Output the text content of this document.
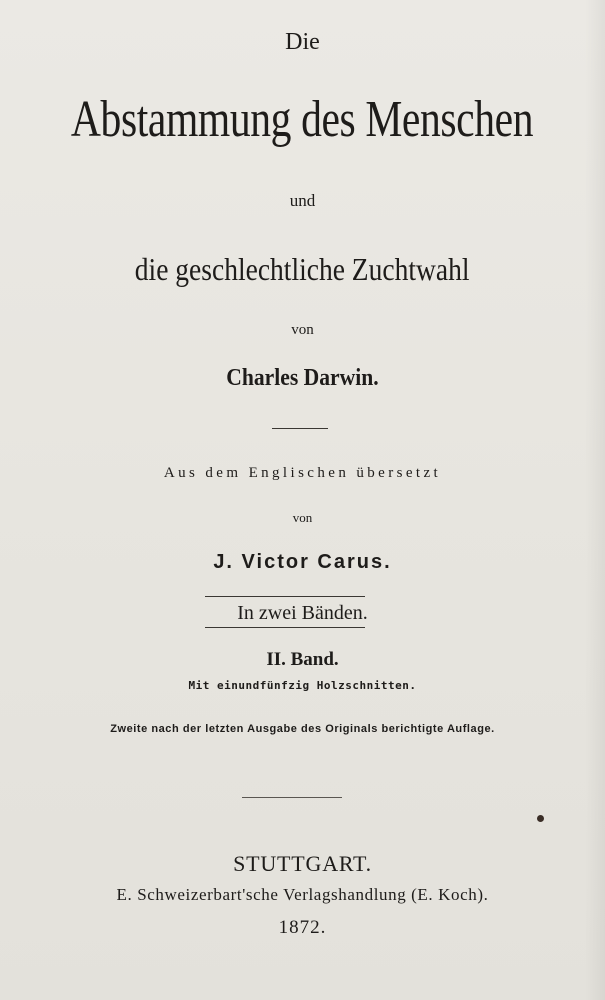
Die
Abstammung des Menschen
und
die geschlechtliche Zuchtwahl
von
Charles Darwin.
Aus dem Englischen übersetzt
von
J. Victor Carus.
In zwei Bänden.
II. Band.
Mit einundfünfzig Holzschnitten.
Zweite nach der letzten Ausgabe des Originals berichtigte Auflage.
STUTTGART.
E. Schweizerbart'sche Verlagshandlung (E. Koch).
1872.
